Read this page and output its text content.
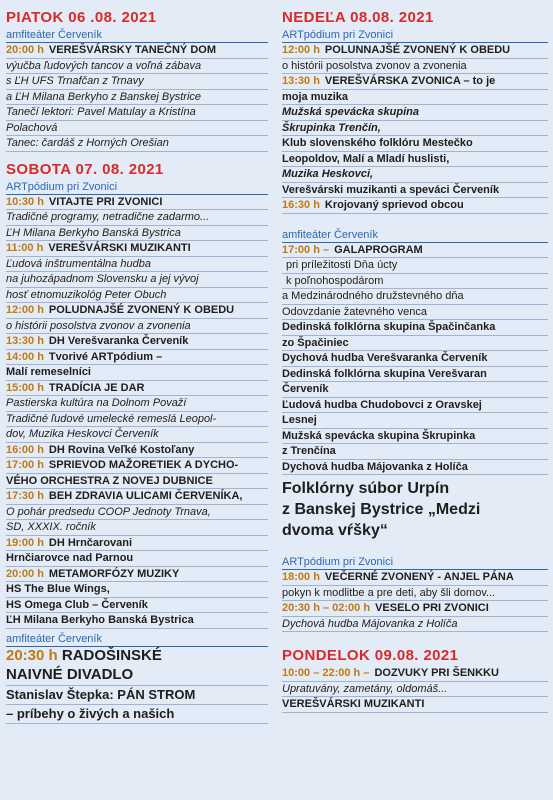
PIATOK 06 .08. 2021
amfiteáter Červeník
20:00 h VEREŠVÁRSKY TANEČNÝ DOM
výučba ľudových tancov a voľná zábava
s ĽH UFS Trnafčan z Trnavy
a ĽH Milana Berkyho z Banskej Bystrice
Tanečí lektori: Pavel Matulay a Kristína
Polachová
Tanec: čardáš z Horných Orešian
SOBOTA 07. 08. 2021
ARTpódium pri Zvonici
10:30 h VITAJTE PRI ZVONICI
Tradičné programy, netradične zadarmo...
ĽH Milana Berkyho Banská Bystrica
11:00 h VEREŠVÁRSKI MUZIKANTI
Ľudová inštrumentálna hudba
na juhozápadnom Slovensku a jej vývoj
hosť etnomuzikológ Peter Obuch
12:00 h POLUDNAJŠÉ ZVONENÝ K OBEDU
o histórii posolstva zvonov a zvonenia
13:30 h DH Verešvaranka Červeník
14:00 h Tvorivé ARTpódium –
Malí remeselníci
15:00 h TRADÍCIA JE DAR
Pastierska kultúra na Dolnom Považí
Tradičné ľudové umelecké remeslá Leopol-
dov, Muzika Heskovci Červeník
16:00 h DH Rovina Veľké Kostoľany
17:00 h SPRIEVOD MAŽORETIEK A DYCHO-
VÉHO ORCHESTRA Z NOVEJ DUBNICE
17:30 h BEH ZDRAVIA ULICAMI ČERVENÍKA,
O pohár predsedu COOP Jednoty Trnava,
SD, XXXIX. ročník
19:00 h DH Hrnčarovani
Hrnčiarovce nad Parnou
20:00 h METAMORFÓZY MUZIKY
HS The Blue Wings,
HS Omega Club – Červeník
ĽH Milana Berkyho Banská Bystrica
amfiteáter Červeník
20:30 h RADOŠINSKÉ
NAIVNÉ DIVADLO
Stanislav Štepka: PÁN STROM
– príbehy o živých a našich
NEDEĽA 08.08. 2021
ARTpódium pri Zvonici
12:00 h POLUNNAJŠÉ ZVONENÝ K OBEDU
o histórii posolstva zvonov a zvonenia
13:30 h VEREŠVÁRSKA ZVONICA – to je
moja muzika
Mužská spevácka skupina
Škrupinka Trenčín,
Klub slovenského folklóru Mestečko
Leopoldov, Malí a Mladí huslisti,
Muzika Heskovci,
Verešvárski muzikanti a speváci Červeník
16:30 h Krojovaný sprievod obcou
amfiteáter Červeník
17:00 h – GALAPROGRAM
pri príležitosti Dňa úcty
k poľnohospodárom
a Medzinárodného družstevného dňa
Odovzdanie žatevného venca
Dedinská folklórna skupina Špačinčanka
zo Špačiniec
Dychová hudba Verešvaranka Červeník
Dedinská folklórna skupina Verešvaran
Červeník
Ľudová hudba Chudobovci z Oravskej
Lesnej
Mužská spevácka skupina Škrupinka
z Trenčína
Dychová hudba Májovanka z Holíča
Folklórny súbor Urpín
z Banskej Bystrice „Medzi
dvoma vŕšky“
ARTpódium pri Zvonici
18:00 h VEČERNÉ ZVONENÝ - ANJEL PÁNA
pokyn k modlitbe a pre deti, aby šli domov...
20:30 h – 02:00 h VESELO PRI ZVONICI
Dychová hudba Májovanka z Holíča
PONDELOK 09.08. 2021
10:00 – 22:00 h – DOZVUKY PRI ŠENKKU
Upratuvány, zametány, oldomáš...
VEREŠVÁRSKI MUZIKANTI
